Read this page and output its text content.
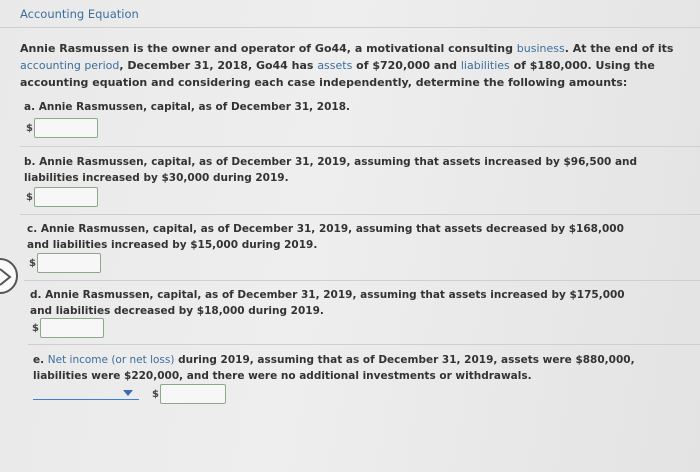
Accounting Equation
Annie Rasmussen is the owner and operator of Go44, a motivational consulting business. At the end of its accounting period, December 31, 2018, Go44 has assets of $720,000 and liabilities of $180,000. Using the accounting equation and considering each case independently, determine the following amounts:
a. Annie Rasmussen, capital, as of December 31, 2018.
$
b. Annie Rasmussen, capital, as of December 31, 2019, assuming that assets increased by $96,500 and liabilities increased by $30,000 during 2019.
$
c. Annie Rasmussen, capital, as of December 31, 2019, assuming that assets decreased by $168,000 and liabilities increased by $15,000 during 2019.
$
d. Annie Rasmussen, capital, as of December 31, 2019, assuming that assets increased by $175,000 and liabilities decreased by $18,000 during 2019.
$
e. Net income (or net loss) during 2019, assuming that as of December 31, 2019, assets were $880,000, liabilities were $220,000, and there were no additional investments or withdrawals.
$
